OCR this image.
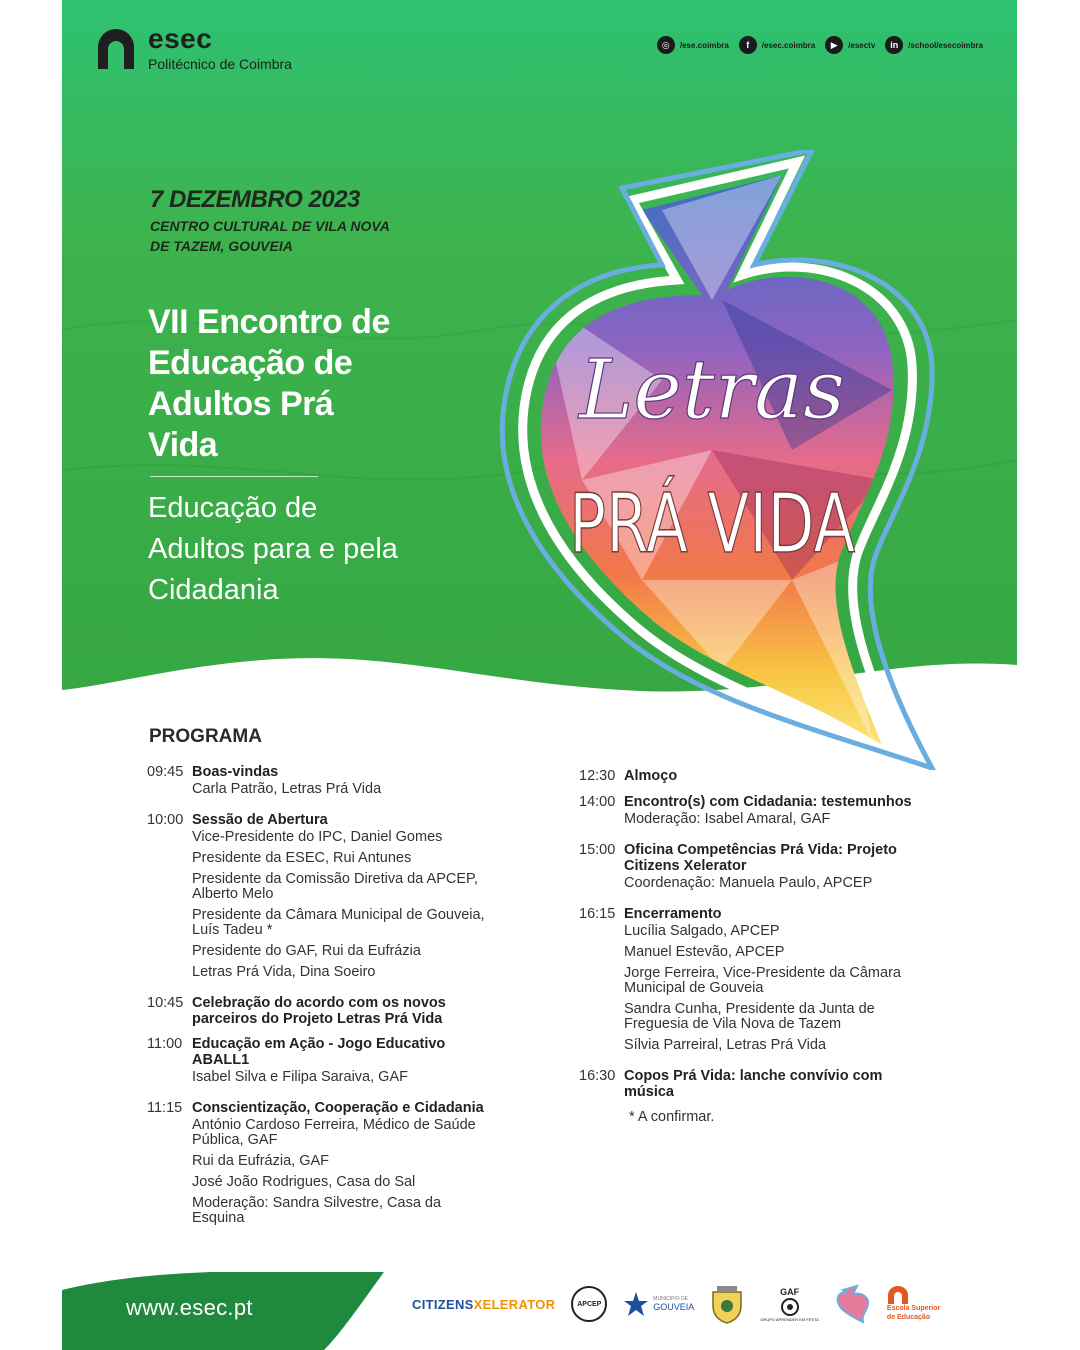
esec
Politécnico de Coimbra
◎	/ese.coimbra	f	/esec.coimbra	▶	/esectv	in	/school/esecoimbra
7 DEZEMBRO 2023
CENTRO CULTURAL DE VILA NOVA DE TAZEM, GOUVEIA
VII Encontro de Educação de Adultos Prá Vida
Educação de Adultos para e pela Cidadania
Letras
PRÁ VIDA
PROGRAMA
09:45 Boas-vindas
Carla Patrão, Letras Prá Vida
10:00 Sessão de Abertura
Vice-Presidente do IPC, Daniel Gomes
Presidente da ESEC, Rui Antunes
Presidente da Comissão Diretiva da APCEP, Alberto Melo
Presidente da Câmara Municipal de Gouveia, Luís Tadeu *
Presidente do GAF, Rui da Eufrázia
Letras Prá Vida, Dina Soeiro
10:45 Celebração do acordo com os novos parceiros do Projeto Letras Prá Vida
11:00 Educação em Ação - Jogo Educativo ABALL1
Isabel Silva e Filipa Saraiva, GAF
11:15 Conscientização, Cooperação e Cidadania
António Cardoso Ferreira, Médico de Saúde Pública, GAF
Rui da Eufrázia, GAF
José João Rodrigues, Casa do Sal
Moderação: Sandra Silvestre, Casa da Esquina
12:30 Almoço
14:00 Encontro(s) com Cidadania: testemunhos
Moderação: Isabel Amaral, GAF
15:00 Oficina Competências Prá Vida: Projeto Citizens Xelerator
Coordenação: Manuela Paulo, APCEP
16:15 Encerramento
Lucília Salgado, APCEP
Manuel Estevão, APCEP
Jorge Ferreira, Vice-Presidente da Câmara Municipal de Gouveia
Sandra Cunha, Presidente da Junta de Freguesia de Vila Nova de Tazem
Sílvia Parreiral, Letras Prá Vida
16:30 Copos Prá Vida: lanche convívio com música
* A confirmar.
www.esec.pt	CITIZENSXELERATOR	APCEP
MUNICÍPIO DE
GOUVEIA
GAF
GRUPO APRENDER EM FESTA
Escola Superior
de Educação
